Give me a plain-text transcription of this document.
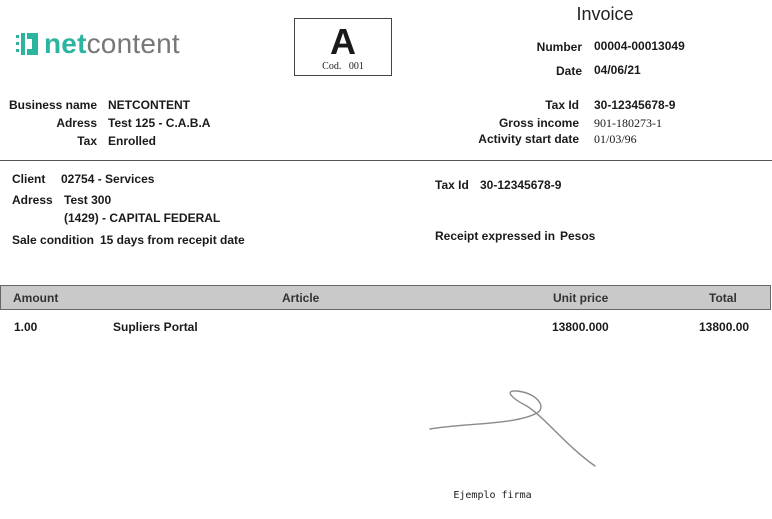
netcontent	A
Cod.   001
Invoice
Number 00004-00013049
Date 04/06/21
Business name NETCONTENT
Adress Test 125 - C.A.B.A
Tax Enrolled
Tax Id 30-12345678-9
Gross income 901-180273-1
Activity start date 01/03/96
Client 02754 - Services
Adress Test 300
(1429) - CAPITAL FEDERAL
Sale condition 15 days from recepit date
Tax Id 30-12345678-9
Receipt expressed in Pesos
Amount	Article	Unit price	Total
1.00	Supliers Portal	13800.000	13800.00
Ejemplo firma
